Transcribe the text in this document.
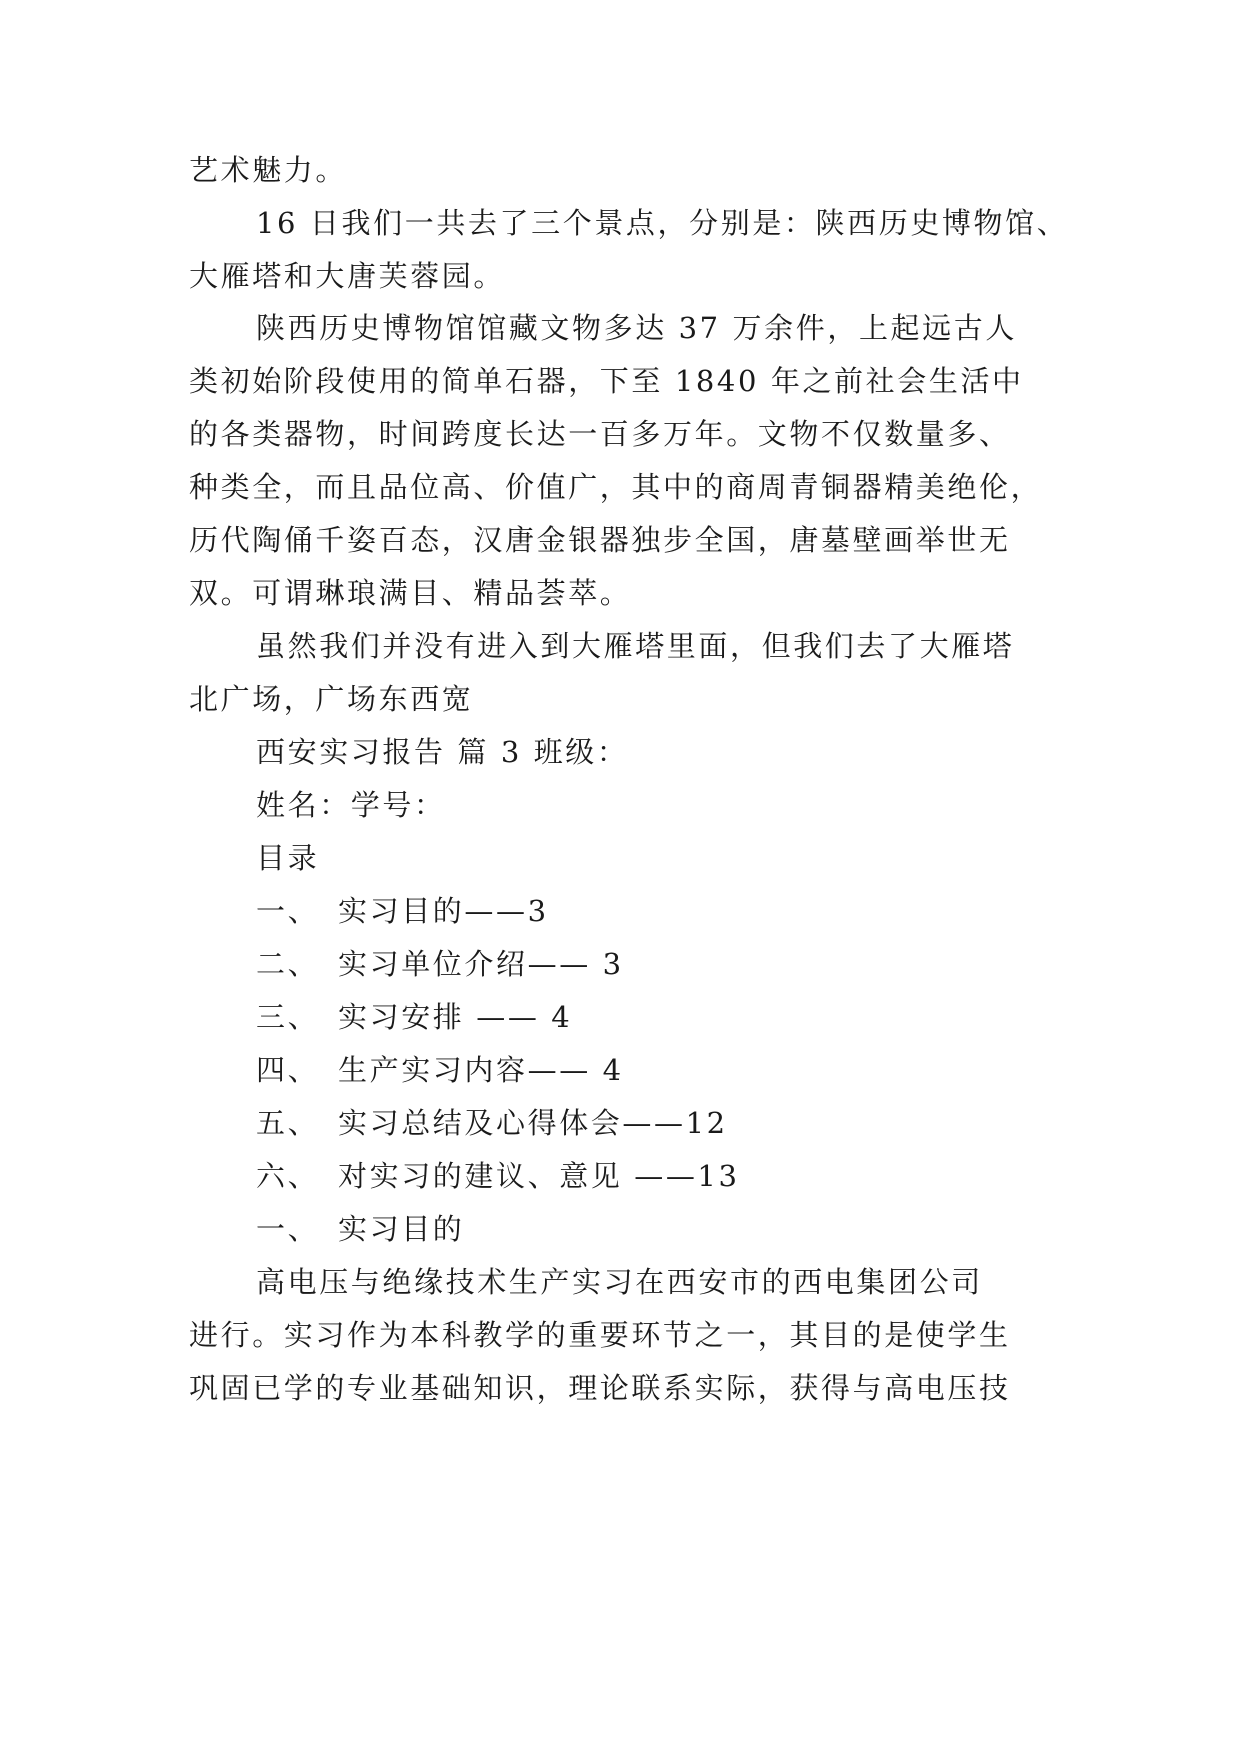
艺术魅力。
16 日我们一共去了三个景点，分别是：陕西历史博物馆、
大雁塔和大唐芙蓉园。
陕西历史博物馆馆藏文物多达 37 万余件，上起远古人
类初始阶段使用的简单石器，下至 1840 年之前社会生活中
的各类器物，时间跨度长达一百多万年。文物不仅数量多、
种类全，而且品位高、价值广，其中的商周青铜器精美绝伦，
历代陶俑千姿百态，汉唐金银器独步全国，唐墓壁画举世无
双。可谓琳琅满目、精品荟萃。
虽然我们并没有进入到大雁塔里面，但我们去了大雁塔
北广场，广场东西宽
西安实习报告 篇 3 班级：
姓名：学号：
目录
一、 实习目的——3
二、 实习单位介绍—— 3
三、 实习安排 —— 4
四、 生产实习内容—— 4
五、 实习总结及心得体会——12
六、 对实习的建议、意见 ——13
一、 实习目的
高电压与绝缘技术生产实习在西安市的西电集团公司
进行。实习作为本科教学的重要环节之一，其目的是使学生
巩固已学的专业基础知识，理论联系实际，获得与高电压技
